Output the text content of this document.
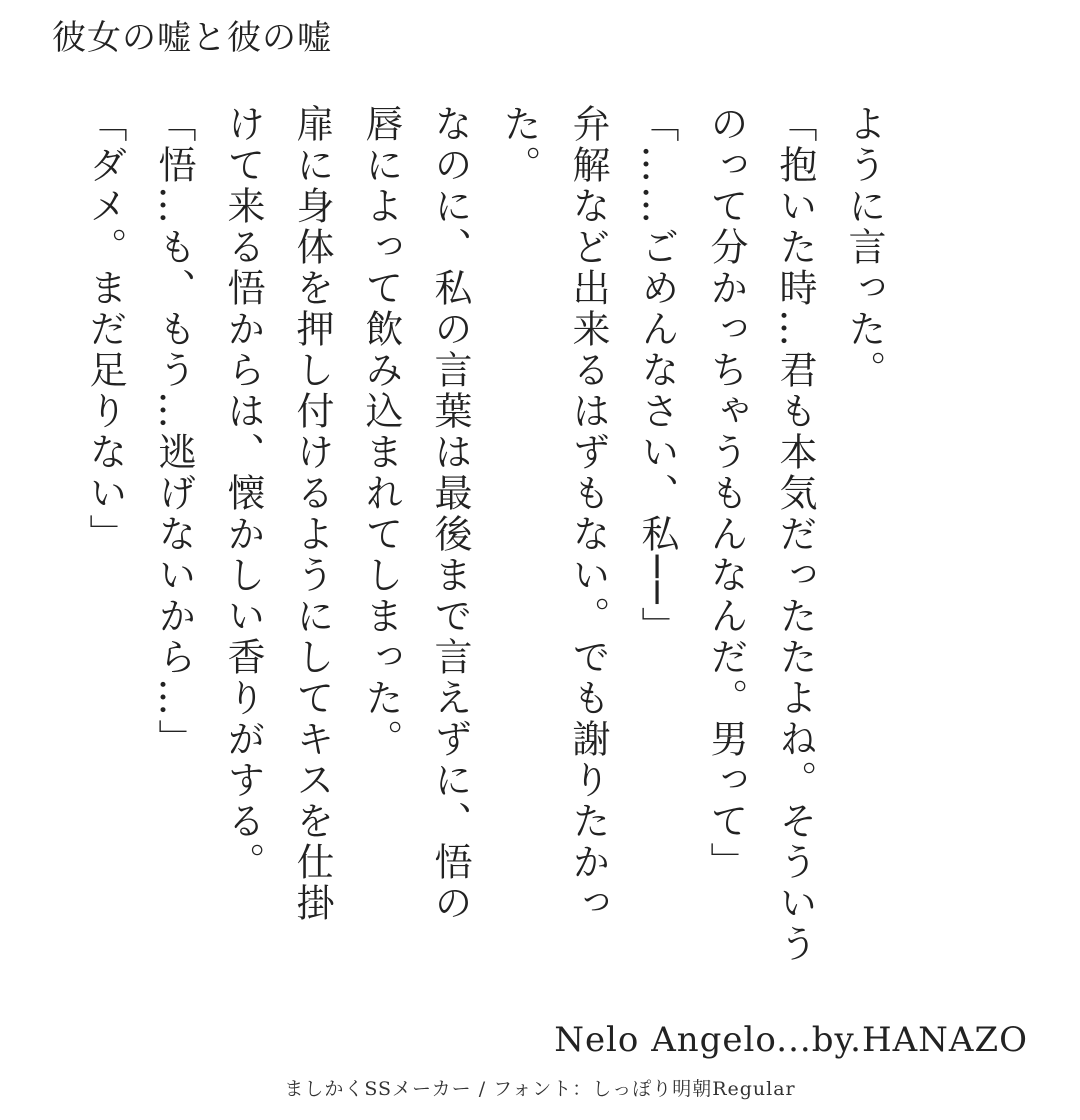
彼女の嘘と彼の嘘

ように言った。

「抱いた時…君も本気だったたよね。そういう

のって分かっちゃうもんなんだ。男って」

「……ごめんなさい、私──」

弁解など出来るはずもない。でも謝りたかっ

た。

なのに、私の言葉は最後まで言えずに、悟の

唇によって飲み込まれてしまった。

扉に身体を押し付けるようにしてキスを仕掛

けて来る悟からは、懐かしい香りがする。

「悟…も、もう…逃げないから…」

「ダメ。まだ足りない」

Nelo Angelo...by.HANAZO
ましかくSSメーカー / フォント：しっぽり明朝Regular
